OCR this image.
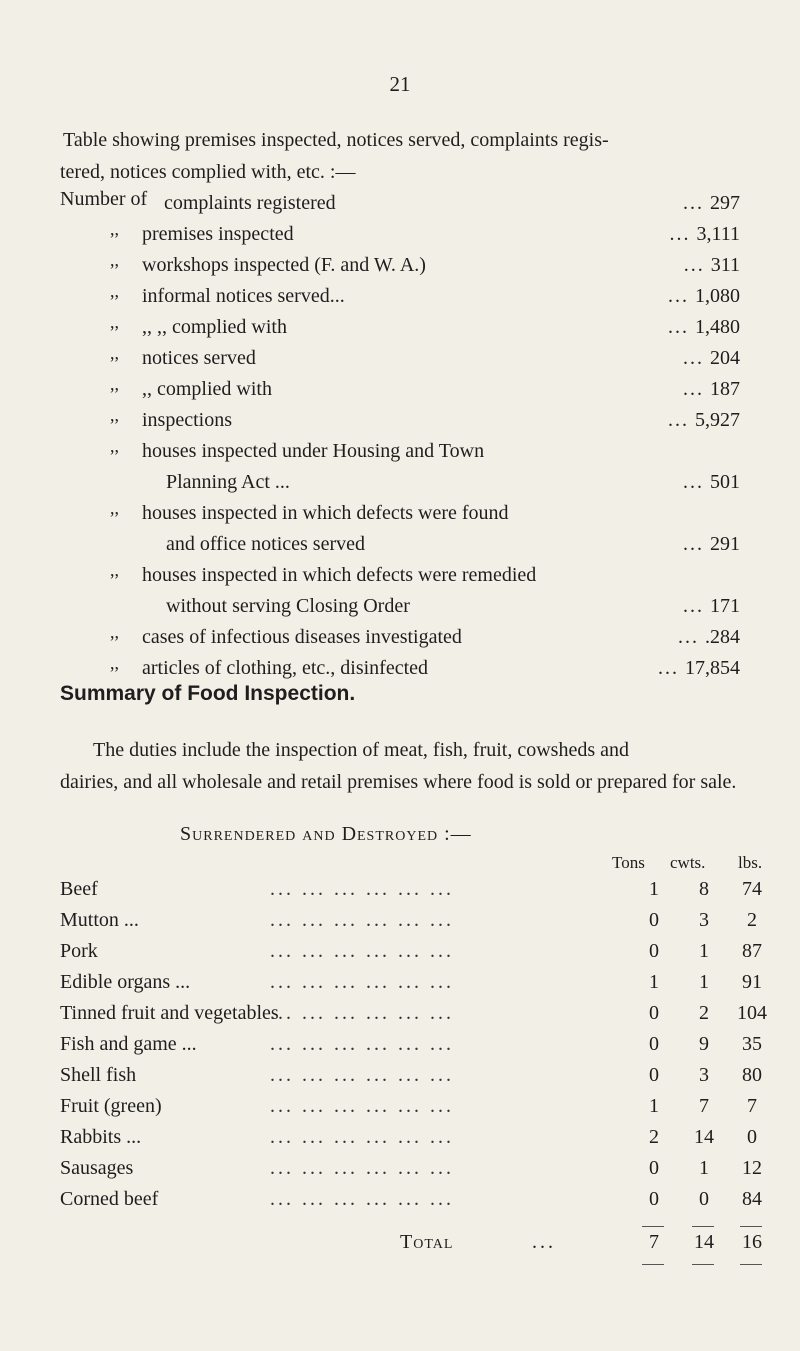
21
Table showing premises inspected, notices served, complaints regis-
tered, notices complied with, etc. :—
Number of complaints registered	... 297
,, premises inspected	... 3,111
,, workshops inspected (F. and W. A.)	... 311
,, informal notices served...	... 1,080
,, ,, ,, complied with	... 1,480
,, notices served	... 204
,, ,, complied with	... 187
,, inspections	... 5,927
,, houses inspected under Housing and Town
Planning Act ...	... 501
,, houses inspected in which defects were found
and office notices served	... 291
,, houses inspected in which defects were remedied
without serving Closing Order	... 171
,, cases of infectious diseases investigated	... .284
,, articles of clothing, etc., disinfected	... 17,854
Summary of Food Inspection.
The duties include the inspection of meat, fish, fruit, cowsheds and
dairies, and all wholesale and retail premises where food is sold or prepared for sale.
Surrendered and Destroyed :—
Tons cwts. lbs.
Beef	... ... ... ... ... ...	1	8	74
Mutton ...	... ... ... ... ... ...	0	3	2
Pork	... ... ... ... ... ...	0	1	87
Edible organs ...	... ... ... ... ... ...	1	1	91
Tinned fruit and vegetables
... ... ... ... ... ...	0	2	104
Fish and game ...	... ... ... ... ... ...	0	9	35
Shell fish	... ... ... ... ... ...	0	3	80
Fruit (green)	... ... ... ... ... ...	1	7	7
Rabbits ...	... ... ... ... ... ...	2	14	0
Sausages	... ... ... ... ... ...	0	1	12
Corned beef	... ... ... ... ... ...	0	0	84
Total	...	7	14	16
